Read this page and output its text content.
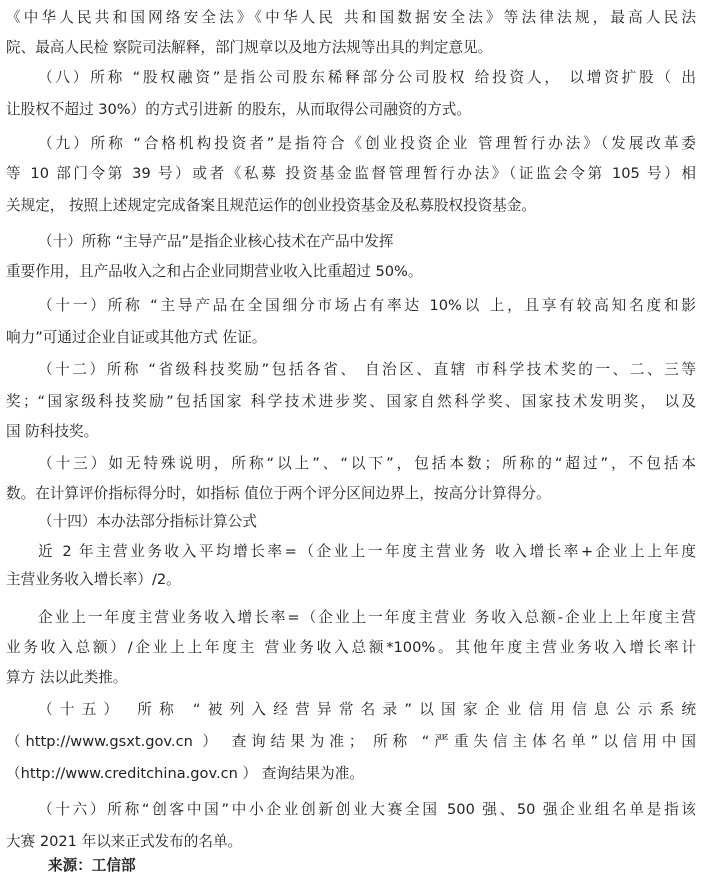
《中华人民共和国网络安全法》《中华人民 共和国数据安全法》等法律法规，最高人民法
院、最高人民检 察院司法解释，部门规章以及地方法规等出具的判定意见。
（八）所称 “股权融资”是指公司股东稀释部分公司股权 给投资人， 以增资扩股（ 出
让股权不超过 30%）的方式引进新 的股东，从而取得公司融资的方式。
（九）所称 “合格机构投资者”是指符合《创业投资企业 管理暂行办法》（发展改革委
等 10 部门令第 39 号）或者《私募 投资基金监督管理暂行办法》（证监会令第 105 号）相
关规定， 按照上述规定完成备案且规范运作的创业投资基金及私募股权投资基金。
（十）所称 “主导产品”是指企业核心技术在产品中发挥
重要作用，且产品收入之和占企业同期营业收入比重超过 50%。
（十一）所称 “主导产品在全国细分市场占有率达 10%以 上，且享有较高知名度和影
响力”可通过企业自证或其他方式 佐证。
（十二）所称 “省级科技奖励”包括各省、 自治区、直辖 市科学技术奖的一、二、三等
奖；“国家级科技奖励”包括国家 科学技术进步奖、国家自然科学奖、国家技术发明奖， 以及
国 防科技奖。
（十三）如无特殊说明，所称“以上”、“以下”，包括本数；所称的“超过”，不包括本
数。在计算评价指标得分时，如指标 值位于两个评分区间边界上，按高分计算得分。
（十四）本办法部分指标计算公式
近 2 年主营业务收入平均增长率=（企业上一年度主营业务 收入增长率+企业上上年度
主营业务收入增长率）/2。
企业上一年度主营业务收入增长率=（企业上一年度主营业 务收入总额-企业上上年度主营
业务收入总额）/企业上上年度主 营业务收入总额*100%。其他年度主营业务收入增长率计
算方 法以此类推。
（十五） 所称 “被列入经营异常名录”以国家企业信用信息公示系统
（http://www.gsxt.gov.cn ） 查询结果为准； 所称 “严重失信主体名单”以信用中国
（http://www.creditchina.gov.cn ） 查询结果为准。
（十六）所称“创客中国”中小企业创新创业大赛全国 500 强、50 强企业组名单是指该
大赛 2021 年以来正式发布的名单。
来源：工信部
